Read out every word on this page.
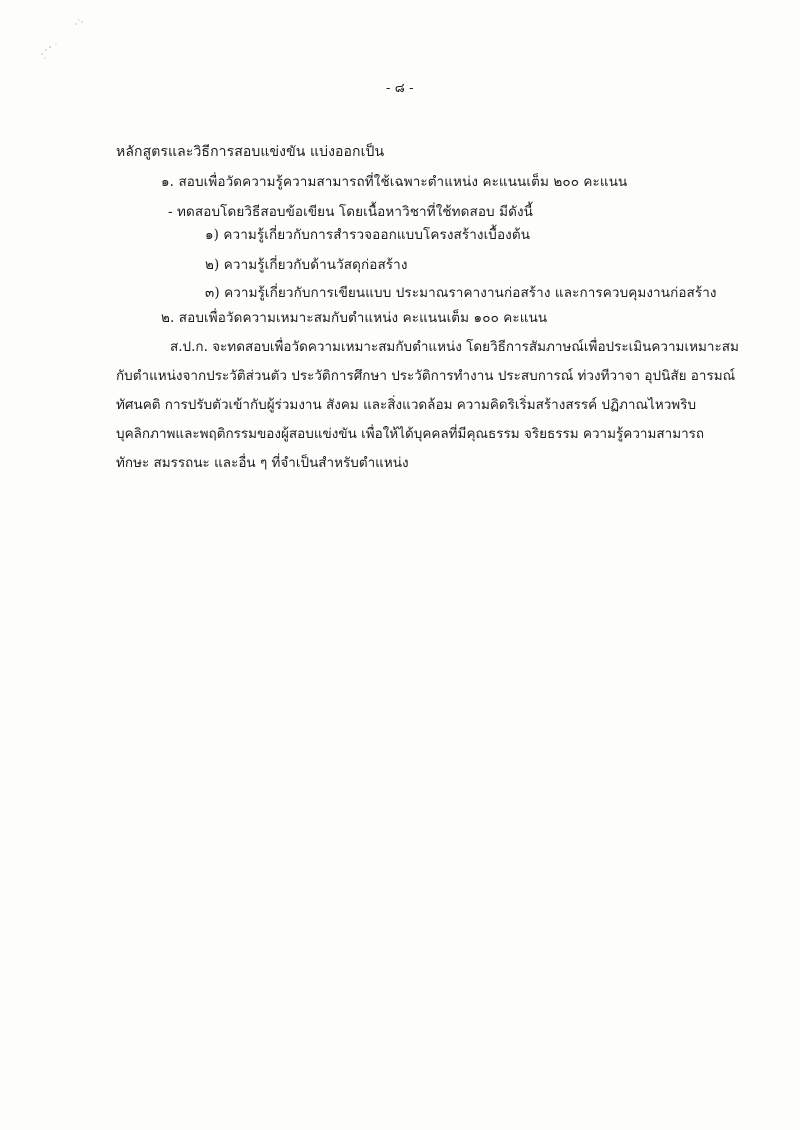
- ๘ -
หลักสูตรและวิธีการสอบแข่งขัน แบ่งออกเป็น
๑. สอบเพื่อวัดความรู้ความสามารถที่ใช้เฉพาะตำแหน่ง คะแนนเต็ม ๒๐๐ คะแนน
- ทดสอบโดยวิธีสอบข้อเขียน โดยเนื้อหาวิชาที่ใช้ทดสอบ มีดังนี้
๑) ความรู้เกี่ยวกับการสำรวจออกแบบโครงสร้างเบื้องต้น
๒) ความรู้เกี่ยวกับด้านวัสดุก่อสร้าง
๓) ความรู้เกี่ยวกับการเขียนแบบ ประมาณราคางานก่อสร้าง และการควบคุมงานก่อสร้าง
๒. สอบเพื่อวัดความเหมาะสมกับตำแหน่ง คะแนนเต็ม ๑๐๐ คะแนน
ส.ป.ก. จะทดสอบเพื่อวัดความเหมาะสมกับตำแหน่ง โดยวิธีการสัมภาษณ์เพื่อประเมินความเหมาะสม
กับตำแหน่งจากประวัติส่วนตัว ประวัติการศึกษา ประวัติการทำงาน ประสบการณ์ ท่วงทีวาจา อุปนิสัย อารมณ์
ทัศนคติ การปรับตัวเข้ากับผู้ร่วมงาน สังคม และสิ่งแวดล้อม ความคิดริเริ่มสร้างสรรค์ ปฏิภาณไหวพริบ
บุคลิกภาพและพฤติกรรมของผู้สอบแข่งขัน เพื่อให้ได้บุคคลที่มีคุณธรรม จริยธรรม ความรู้ความสามารถ
ทักษะ สมรรถนะ และอื่น ๆ ที่จำเป็นสำหรับตำแหน่ง
